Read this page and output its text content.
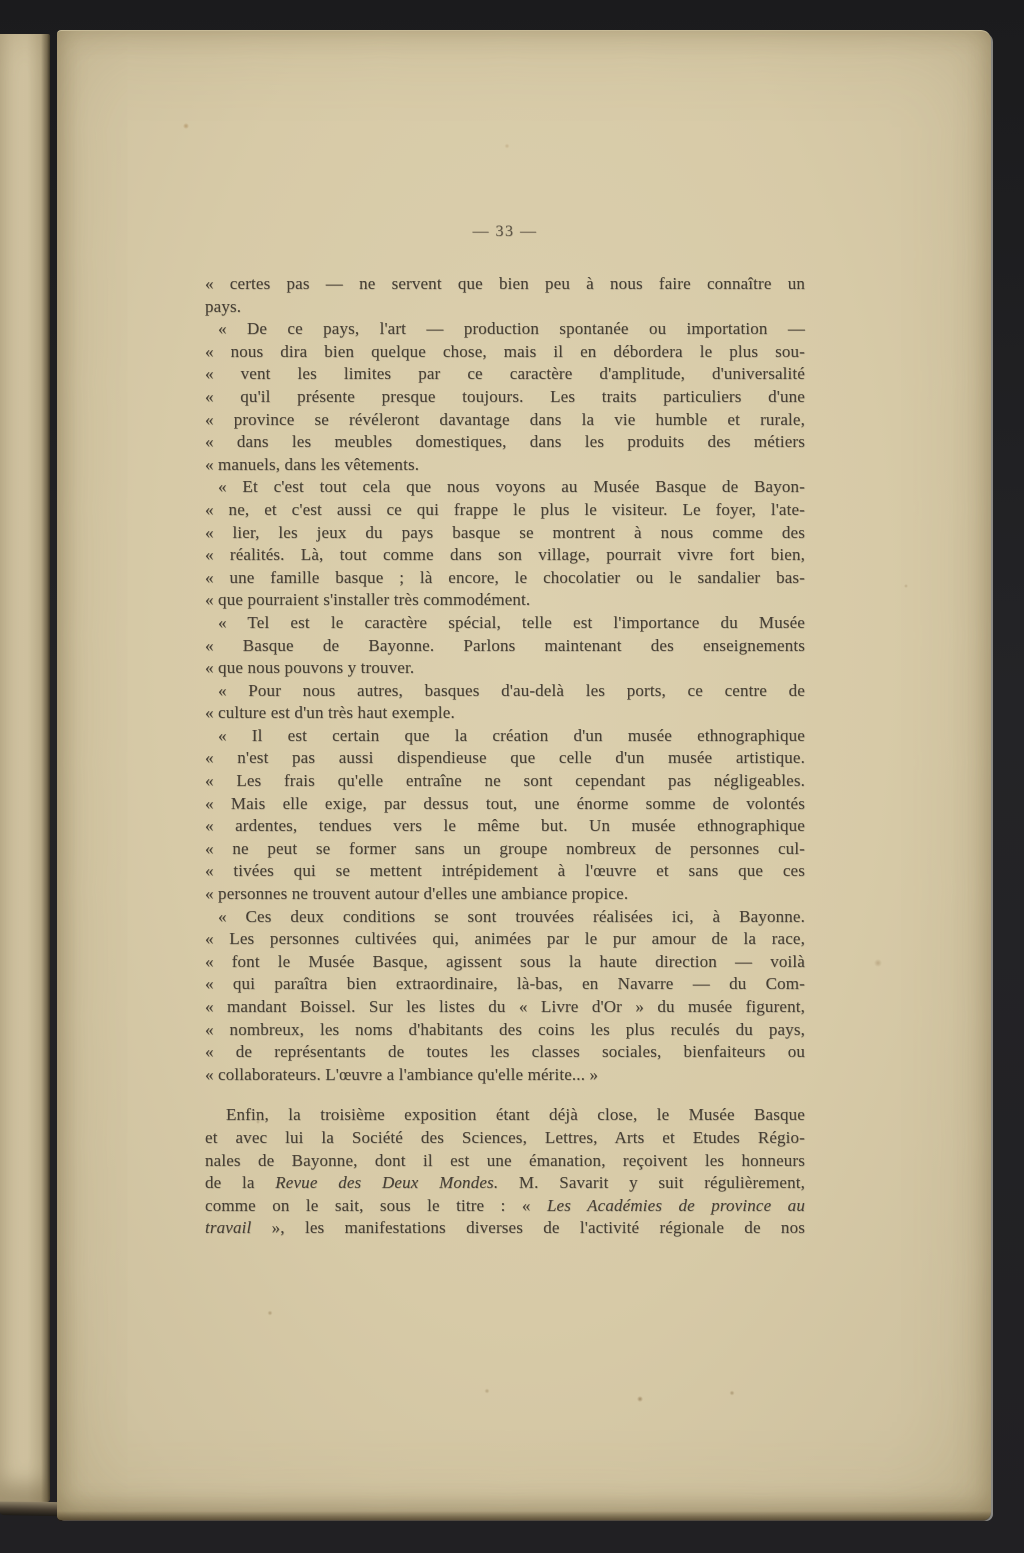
— 33 —
« certes pas — ne servent que bien peu à nous faire connaître un
pays.
« De ce pays, l'art — production spontanée ou importation —
« nous dira bien quelque chose, mais il en débordera le plus sou-
« vent les limites par ce caractère d'amplitude, d'universalité
« qu'il présente presque toujours. Les traits particuliers d'une
« province se révéleront davantage dans la vie humble et rurale,
« dans les meubles domestiques, dans les produits des métiers
« manuels, dans les vêtements.
« Et c'est tout cela que nous voyons au Musée Basque de Bayon-
« ne, et c'est aussi ce qui frappe le plus le visiteur. Le foyer, l'ate-
« lier, les jeux du pays basque se montrent à nous comme des
« réalités. Là, tout comme dans son village, pourrait vivre fort bien,
« une famille basque ; là encore, le chocolatier ou le sandalier bas-
« que pourraient s'installer très commodément.
« Tel est le caractère spécial, telle est l'importance du Musée
« Basque de Bayonne. Parlons maintenant des enseignements
« que nous pouvons y trouver.
« Pour nous autres, basques d'au-delà les ports, ce centre de
« culture est d'un très haut exemple.
« Il est certain que la création d'un musée ethnographique
« n'est pas aussi dispendieuse que celle d'un musée artistique.
« Les frais qu'elle entraîne ne sont cependant pas négligeables.
« Mais elle exige, par dessus tout, une énorme somme de volontés
« ardentes, tendues vers le même but. Un musée ethnographique
« ne peut se former sans un groupe nombreux de personnes cul-
« tivées qui se mettent intrépidement à l'œuvre et sans que ces
« personnes ne trouvent autour d'elles une ambiance propice.
« Ces deux conditions se sont trouvées réalisées ici, à Bayonne.
« Les personnes cultivées qui, animées par le pur amour de la race,
« font le Musée Basque, agissent sous la haute direction — voilà
« qui paraîtra bien extraordinaire, là-bas, en Navarre — du Com-
« mandant Boissel. Sur les listes du « Livre d'Or » du musée figurent,
« nombreux, les noms d'habitants des coins les plus reculés du pays,
« de représentants de toutes les classes sociales, bienfaiteurs ou
« collaborateurs. L'œuvre a l'ambiance qu'elle mérite... »
Enfin, la troisième exposition étant déjà close, le Musée Basque
et avec lui la Société des Sciences, Lettres, Arts et Etudes Régio-
nales de Bayonne, dont il est une émanation, reçoivent les honneurs
de la Revue des Deux Mondes. M. Savarit y suit régulièrement,
comme on le sait, sous le titre : « Les Académies de province au
travail », les manifestations diverses de l'activité régionale de nos
